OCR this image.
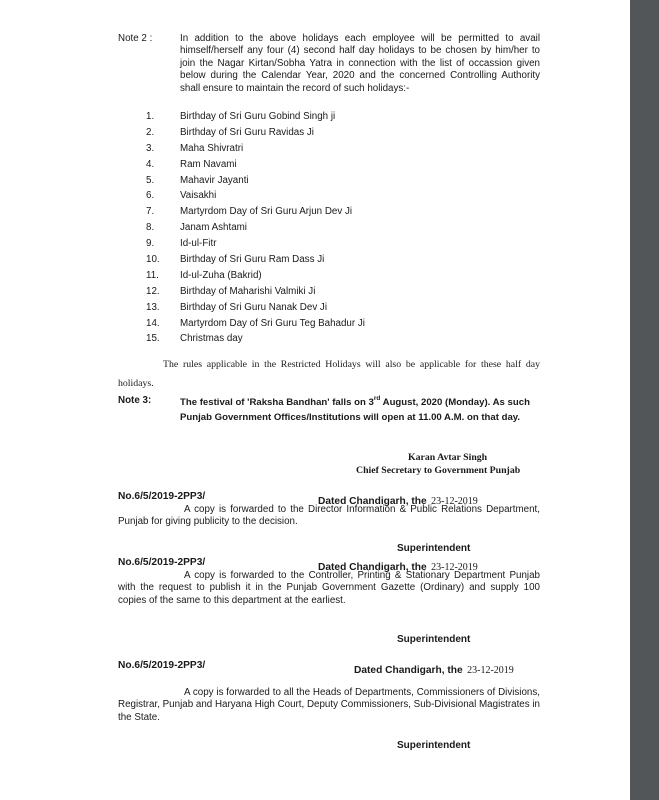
Note 2 :	In addition to the above holidays each employee will be permitted to avail himself/herself any four (4) second half day holidays to be chosen by him/her to join the Nagar Kirtan/Sobha Yatra in connection with the list of occassion given below during the Calendar Year, 2020 and the concerned Controlling Authority shall ensure to maintain the record of such holidays:-
1.	Birthday of Sri Guru Gobind Singh ji
2.	Birthday of Sri Guru Ravidas Ji
3.	Maha Shivratri
4.	Ram Navami
5.	Mahavir Jayanti
6.	Vaisakhi
7.	Martyrdom Day of Sri Guru Arjun Dev Ji
8.	Janam Ashtami
9.	Id-ul-Fitr
10. Birthday of Sri Guru Ram Dass Ji
11. Id-ul-Zuha (Bakrid)
12. Birthday of Maharishi Valmiki Ji
13. Birthday of Sri Guru Nanak Dev Ji
14. Martyrdom Day of Sri Guru Teg Bahadur Ji
15. Christmas day
The rules applicable in the Restricted Holidays will also be applicable for these half day holidays.
Note 3:	The festival of 'Raksha Bandhan' falls on 3rd August, 2020 (Monday). As such Punjab Government Offices/Institutions will open at 11.00 A.M. on that day.
Karan Avtar Singh
Chief Secretary to Government Punjab
No.6/5/2019-2PP3/	Dated Chandigarh, the 23-12-2019
A copy is forwarded to the Director Information & Public Relations Department, Punjab for giving publicity to the decision.
Superintendent
No.6/5/2019-2PP3/	Dated Chandigarh, the 23-12-2019
A copy is forwarded to the Controller, Printing & Stationary Department Punjab with the request to publish it in the Punjab Government Gazette (Ordinary) and supply 100 copies of the same to this department at the earliest.
Superintendent
No.6/5/2019-2PP3/	Dated Chandigarh, the 23-12-2019
A copy is forwarded to all the Heads of Departments, Commissioners of Divisions, Registrar, Punjab and Haryana High Court, Deputy Commissioners, Sub-Divisional Magistrates in the State.
Superintendent
